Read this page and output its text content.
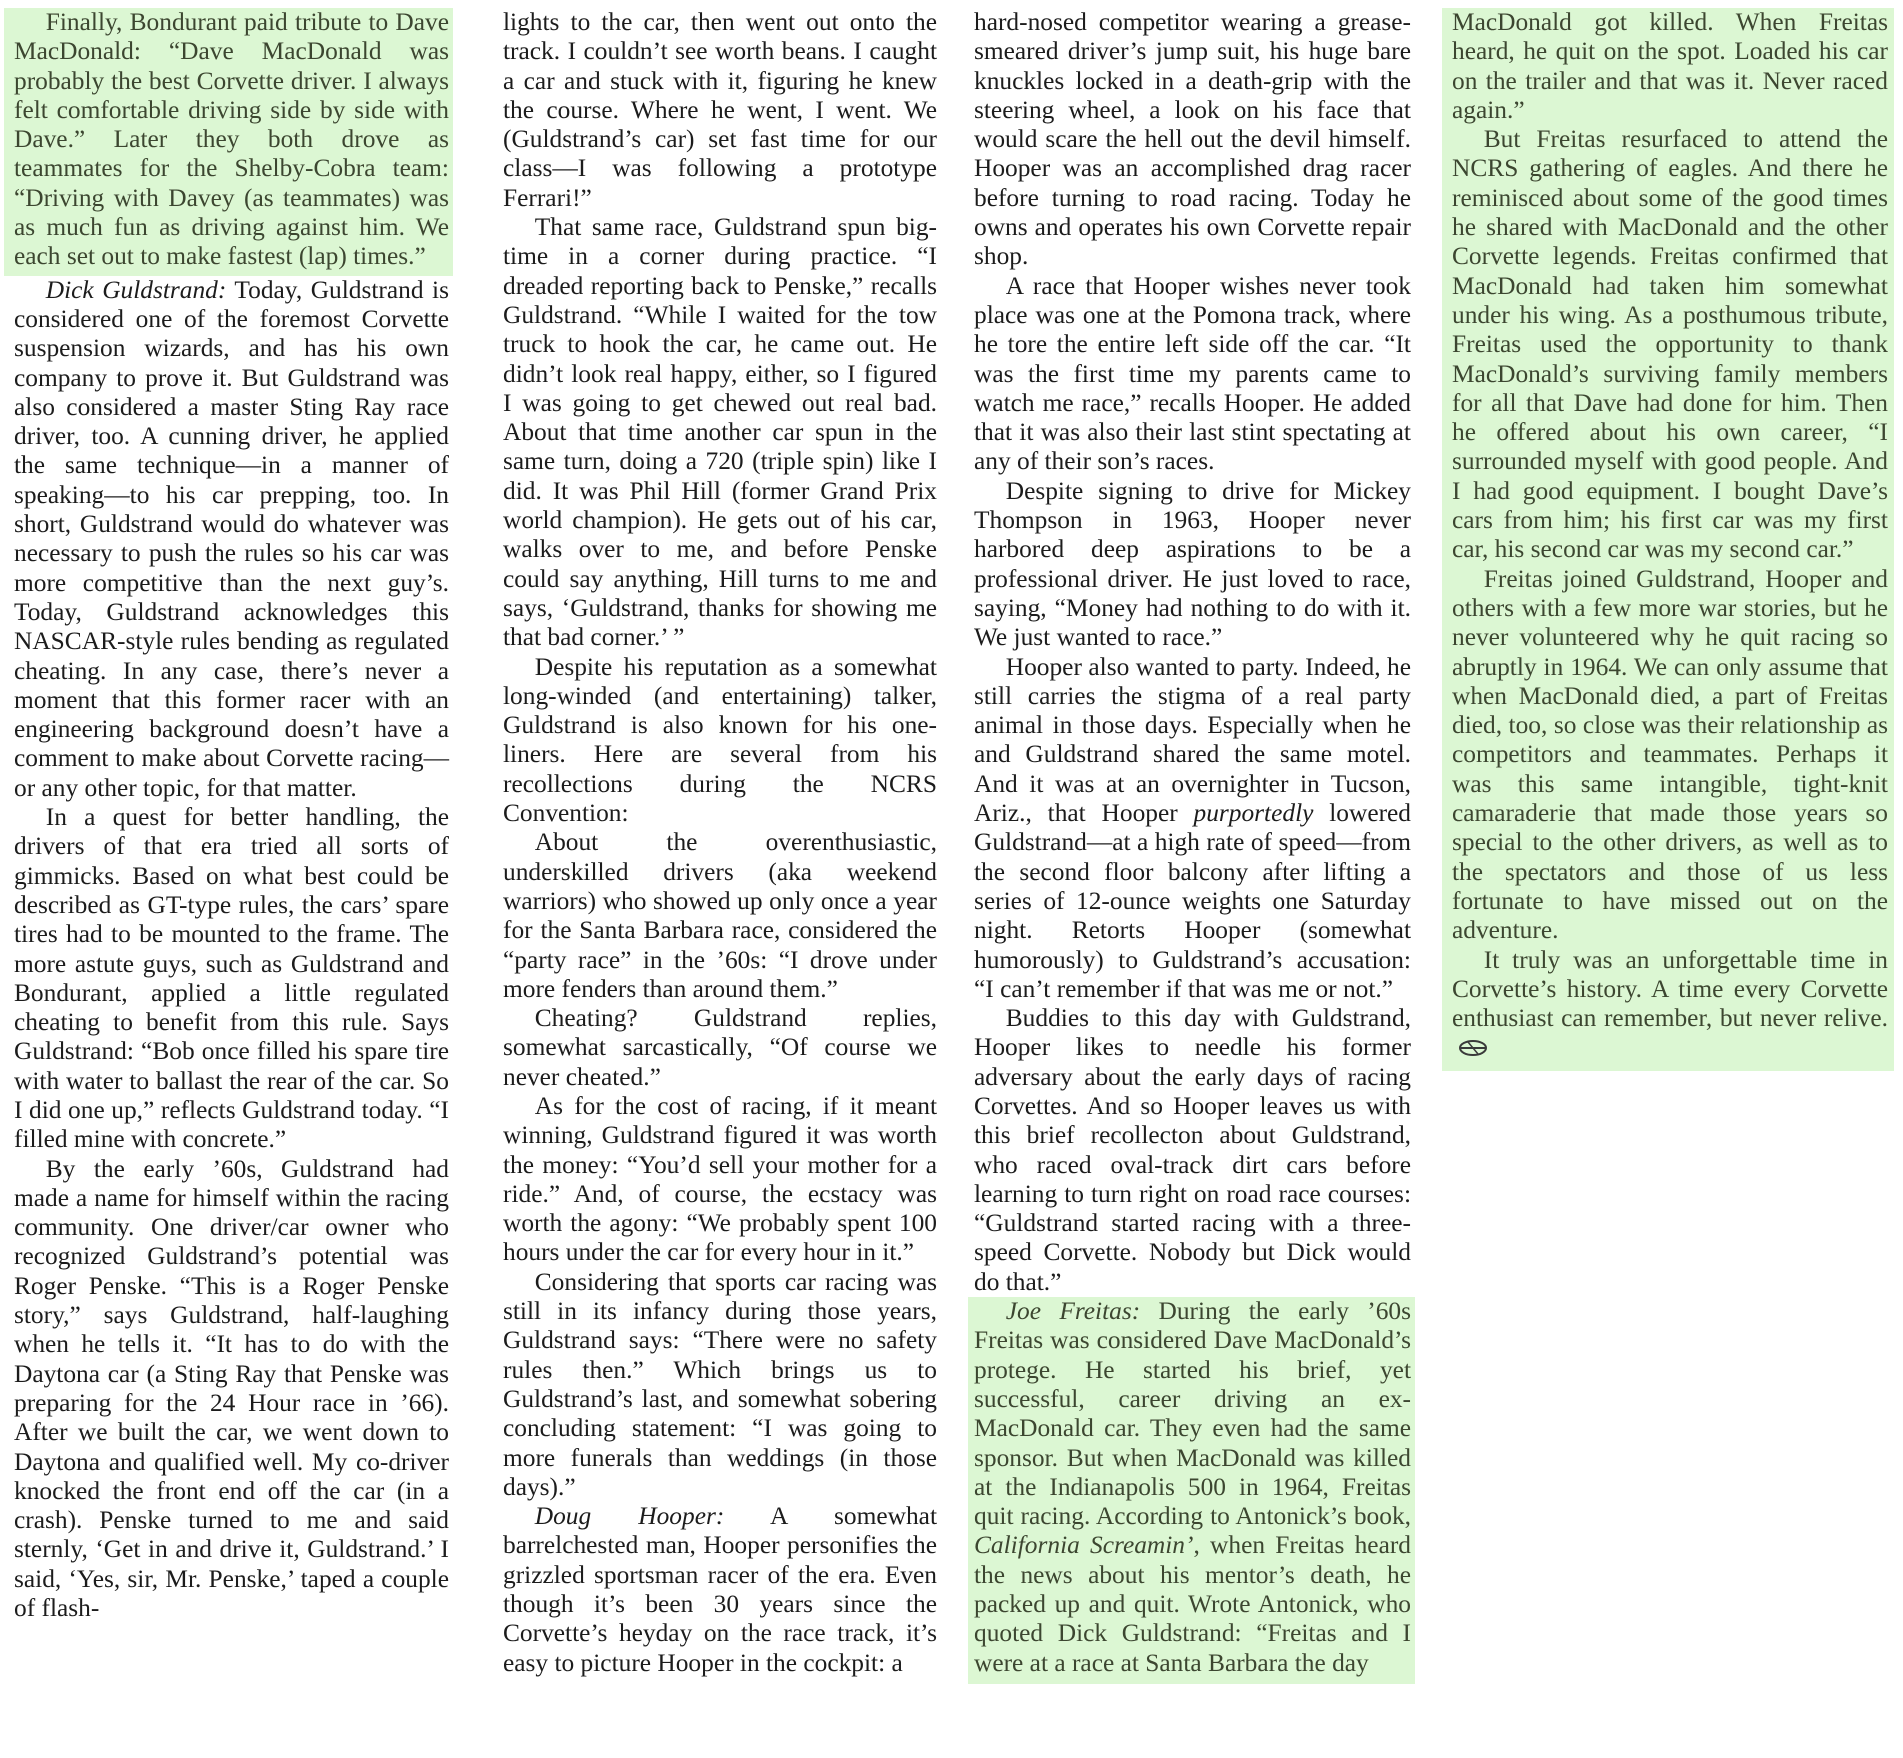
Finally, Bondurant paid tribute to Dave MacDonald: “Dave MacDonald was probably the best Corvette driver. I always felt comfortable driving side by side with Dave.” Later they both drove as teammates for the Shelby-Cobra team: “Driving with Davey (as teammates) was as much fun as driving against him. We each set out to make fastest (lap) times.”

Dick Guldstrand: Today, Guldstrand is considered one of the foremost Corvette suspension wizards, and has his own company to prove it. But Guldstrand was also considered a master Sting Ray race driver, too. A cunning driver, he applied the same technique—in a manner of speaking—to his car prepping, too. In short, Guldstrand would do whatever was necessary to push the rules so his car was more competitive than the next guy’s. Today, Guldstrand acknowledges this NASCAR-style rules bending as regulated cheating. In any case, there’s never a moment that this former racer with an engineering background doesn’t have a comment to make about Corvette racing—or any other topic, for that matter.

In a quest for better handling, the drivers of that era tried all sorts of gimmicks. Based on what best could be described as GT-type rules, the cars’ spare tires had to be mounted to the frame. The more astute guys, such as Guldstrand and Bondurant, applied a little regulated cheating to benefit from this rule. Says Guldstrand: “Bob once filled his spare tire with water to ballast the rear of the car. So I did one up,” reflects Guldstrand today. “I filled mine with concrete.”

By the early ’60s, Guldstrand had made a name for himself within the racing community. One driver/car owner who recognized Guldstrand’s potential was Roger Penske. “This is a Roger Penske story,” says Guldstrand, half-laughing when he tells it. “It has to do with the Daytona car (a Sting Ray that Penske was preparing for the 24 Hour race in ’66). After we built the car, we went down to Daytona and qualified well. My co-driver knocked the front end off the car (in a crash). Penske turned to me and said sternly, ‘Get in and drive it, Guldstrand.’ I said, ‘Yes, sir, Mr. Penske,’ taped a couple of flash-

lights to the car, then went out onto the track. I couldn’t see worth beans. I caught a car and stuck with it, figuring he knew the course. Where he went, I went. We (Guldstrand’s car) set fast time for our class—I was following a prototype Ferrari!”

That same race, Guldstrand spun big-time in a corner during practice. “I dreaded reporting back to Penske,” recalls Guldstrand. “While I waited for the tow truck to hook the car, he came out. He didn’t look real happy, either, so I figured I was going to get chewed out real bad. About that time another car spun in the same turn, doing a 720 (triple spin) like I did. It was Phil Hill (former Grand Prix world champion). He gets out of his car, walks over to me, and before Penske could say anything, Hill turns to me and says, ‘Guldstrand, thanks for showing me that bad corner.’ ”

Despite his reputation as a somewhat long-winded (and entertaining) talker, Guldstrand is also known for his one-liners. Here are several from his recollections during the NCRS Convention:

About the overenthusiastic, underskilled drivers (aka weekend warriors) who showed up only once a year for the Santa Barbara race, considered the “party race” in the ’60s: “I drove under more fenders than around them.”

Cheating? Guldstrand replies, somewhat sarcastically, “Of course we never cheated.”

As for the cost of racing, if it meant winning, Guldstrand figured it was worth the money: “You’d sell your mother for a ride.” And, of course, the ecstacy was worth the agony: “We probably spent 100 hours under the car for every hour in it.”

Considering that sports car racing was still in its infancy during those years, Guldstrand says: “There were no safety rules then.” Which brings us to Guldstrand’s last, and somewhat sobering concluding statement: “I was going to more funerals than weddings (in those days).”

Doug Hooper: A somewhat barrelchested man, Hooper personifies the grizzled sportsman racer of the era. Even though it’s been 30 years since the Corvette’s heyday on the race track, it’s easy to picture Hooper in the cockpit: a

hard-nosed competitor wearing a grease-smeared driver’s jump suit, his huge bare knuckles locked in a death-grip with the steering wheel, a look on his face that would scare the hell out the devil himself. Hooper was an accomplished drag racer before turning to road racing. Today he owns and operates his own Corvette repair shop.

A race that Hooper wishes never took place was one at the Pomona track, where he tore the entire left side off the car. “It was the first time my parents came to watch me race,” recalls Hooper. He added that it was also their last stint spectating at any of their son’s races.

Despite signing to drive for Mickey Thompson in 1963, Hooper never harbored deep aspirations to be a professional driver. He just loved to race, saying, “Money had nothing to do with it. We just wanted to race.”

Hooper also wanted to party. Indeed, he still carries the stigma of a real party animal in those days. Especially when he and Guldstrand shared the same motel. And it was at an overnighter in Tucson, Ariz., that Hooper purportedly lowered Guldstrand—at a high rate of speed—from the second floor balcony after lifting a series of 12-ounce weights one Saturday night. Retorts Hooper (somewhat humorously) to Guldstrand’s accusation: “I can’t remember if that was me or not.”

Buddies to this day with Guldstrand, Hooper likes to needle his former adversary about the early days of racing Corvettes. And so Hooper leaves us with this brief recollecton about Guldstrand, who raced oval-track dirt cars before learning to turn right on road race courses: “Guldstrand started racing with a three-speed Corvette. Nobody but Dick would do that.”

Joe Freitas: During the early ’60s Freitas was considered Dave MacDonald’s protege. He started his brief, yet successful, career driving an ex-MacDonald car. They even had the same sponsor. But when MacDonald was killed at the Indianapolis 500 in 1964, Freitas quit racing. According to Antonick’s book, California Screamin’, when Freitas heard the news about his mentor’s death, he packed up and quit. Wrote Antonick, who quoted Dick Guldstrand: “Freitas and I were at a race at Santa Barbara the day

MacDonald got killed. When Freitas heard, he quit on the spot. Loaded his car on the trailer and that was it. Never raced again.”

But Freitas resurfaced to attend the NCRS gathering of eagles. And there he reminisced about some of the good times he shared with MacDonald and the other Corvette legends. Freitas confirmed that MacDonald had taken him somewhat under his wing. As a posthumous tribute, Freitas used the opportunity to thank MacDonald’s surviving family members for all that Dave had done for him. Then he offered about his own career, “I surrounded myself with good people. And I had good equipment. I bought Dave’s cars from him; his first car was my first car, his second car was my second car.”

Freitas joined Guldstrand, Hooper and others with a few more war stories, but he never volunteered why he quit racing so abruptly in 1964. We can only assume that when MacDonald died, a part of Freitas died, too, so close was their relationship as competitors and teammates. Perhaps it was this same intangible, tight-knit camaraderie that made those years so special to the other drivers, as well as to the spectators and those of us less fortunate to have missed out on the adventure.

It truly was an unforgettable time in Corvette’s history. A time every Corvette enthusiast can remember, but never relive.
